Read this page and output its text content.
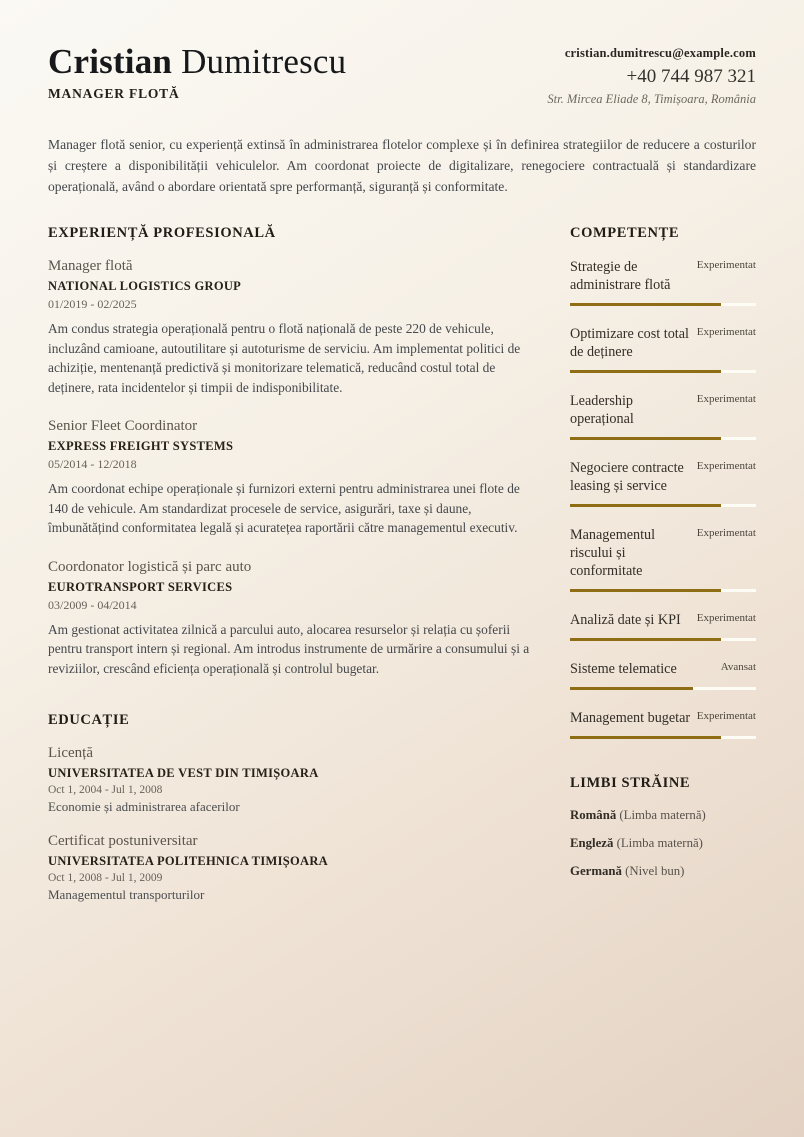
Cristian Dumitrescu
MANAGER FLOTĂ
cristian.dumitrescu@example.com
+40 744 987 321
Str. Mircea Eliade 8, Timișoara, România

Manager flotă senior, cu experiență extinsă în administrarea flotelor complexe și în definirea strategiilor de reducere a costurilor și creștere a disponibilității vehiculelor. Am coordonat proiecte de digitalizare, renegociere contractuală și standardizare operațională, având o abordare orientată spre performanță, siguranță și conformitate.

EXPERIENȚĂ PROFESIONALĂ
Manager flotă
NATIONAL LOGISTICS GROUP
01/2019 - 02/2025
Am condus strategia operațională pentru o flotă națională de peste 220 de vehicule, incluzând camioane, autoutilitare și autoturisme de serviciu. Am implementat politici de achiziție, mentenanță predictivă și monitorizare telematică, reducând costul total de deținere, rata incidentelor și timpii de indisponibilitate.
Senior Fleet Coordinator
EXPRESS FREIGHT SYSTEMS
05/2014 - 12/2018
Am coordonat echipe operaționale și furnizori externi pentru administrarea unei flote de 140 de vehicule. Am standardizat procesele de service, asigurări, taxe și daune, îmbunătățind conformitatea legală și acuratețea raportării către managementul executiv.
Coordonator logistică și parc auto
EUROTRANSPORT SERVICES
03/2009 - 04/2014
Am gestionat activitatea zilnică a parcului auto, alocarea resurselor și relația cu șoferii pentru transport intern și regional. Am introdus instrumente de urmărire a consumului și a reviziilor, crescând eficiența operațională și controlul bugetar.
EDUCAȚIE
Licență
UNIVERSITATEA DE VEST DIN TIMIȘOARA
Oct 1, 2004 - Jul 1, 2008
Economie și administrarea afacerilor
Certificat postuniversitar
UNIVERSITATEA POLITEHNICA TIMIȘOARA
Oct 1, 2008 - Jul 1, 2009
Managementul transporturilor
COMPETENȚE
Strategie de administrare flotă
Experimentat
Optimizare cost total de deținere
Experimentat
Leadership operațional
Experimentat
Negociere contracte leasing și service
Experimentat
Managementul riscului și conformitate
Experimentat
Analiză date și KPI	Experimentat
Sisteme telematice	Avansat
Management bugetar Experimentat
LIMBI STRĂINE
Română (Limba maternă)
Engleză (Limba maternă)
Germană (Nivel bun)
